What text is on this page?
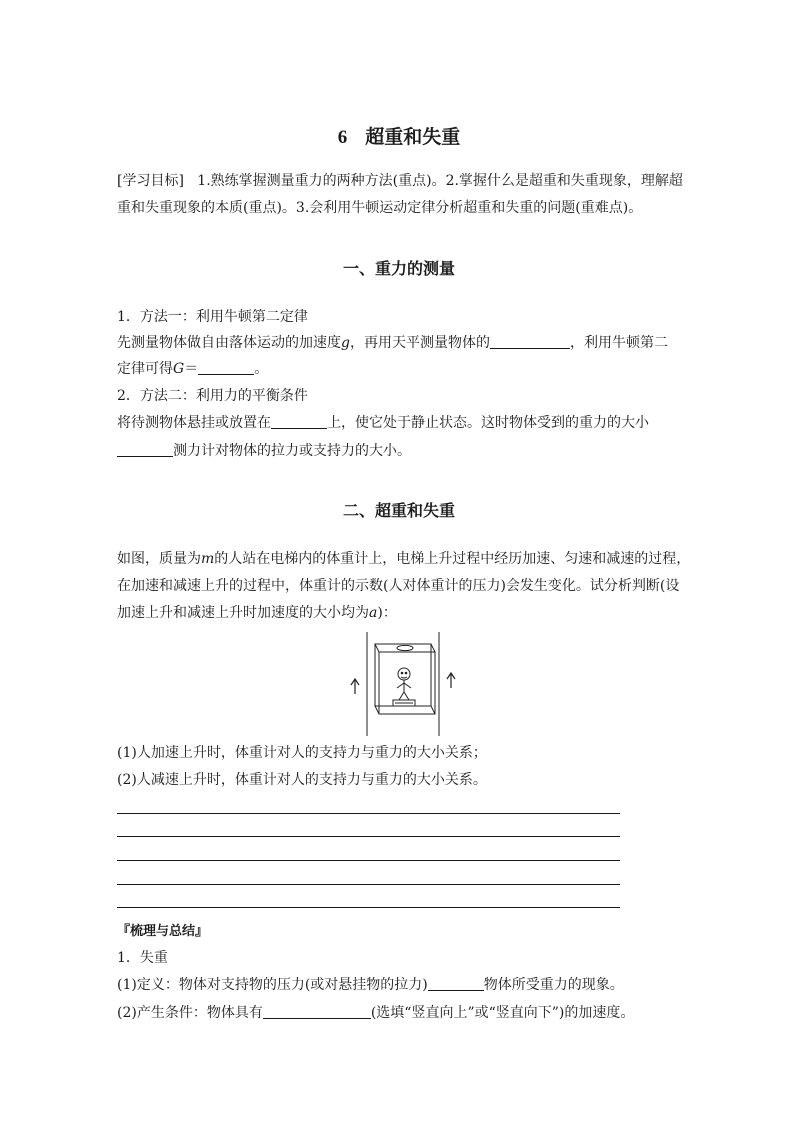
6 超重和失重
[学习目标] 1.熟练掌握测量重力的两种方法(重点)。2.掌握什么是超重和失重现象，理解超
重和失重现象的本质(重点)。3.会利用牛顿运动定律分析超重和失重的问题(重难点)。
一、重力的测量
1．方法一：利用牛顿第二定律
先测量物体做自由落体运动的加速度g，再用天平测量物体的	，利用牛顿第二
定律可得G＝	。
2．方法二：利用力的平衡条件
将待测物体悬挂或放置在	上，使它处于静止状态。这时物体受到的重力的大小
测力计对物体的拉力或支持力的大小。
二、超重和失重
如图，质量为m的人站在电梯内的体重计上，电梯上升过程中经历加速、匀速和减速的过程，
在加速和减速上升的过程中，体重计的示数(人对体重计的压力)会发生变化。试分析判断(设
加速上升和减速上升时加速度的大小均为a)：
(1)人加速上升时，体重计对人的支持力与重力的大小关系；
(2)人减速上升时，体重计对人的支持力与重力的大小关系。
『梳理与总结』
1．失重
(1)定义：物体对支持物的压力(或对悬挂物的拉力)	物体所受重力的现象。
(2)产生条件：物体具有	(选填“竖直向上”或“竖直向下”)的加速度。
